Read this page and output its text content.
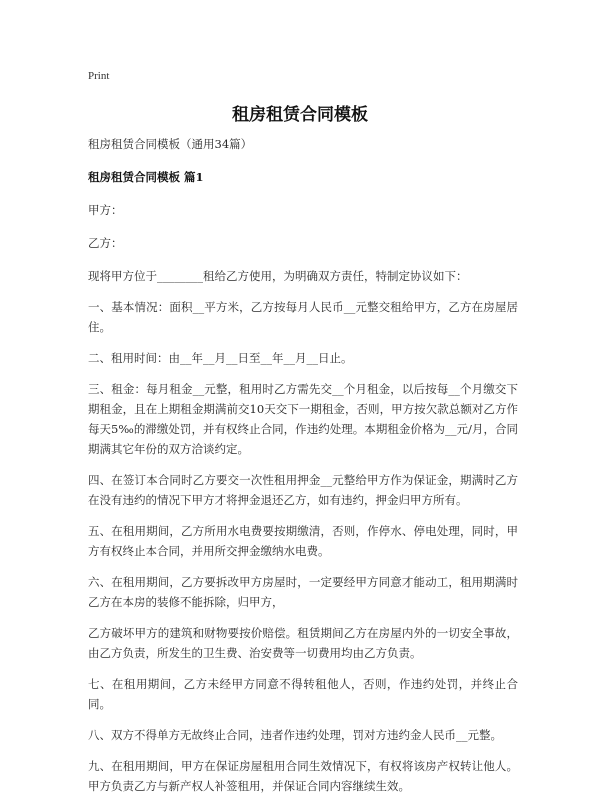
Print
租房租赁合同模板

租房租赁合同模板（通用34篇）

租房租赁合同模板 篇1

甲方：

乙方：

现将甲方位于________租给乙方使用，为明确双方责任，特制定协议如下：

一、基本情况：面积__平方米，乙方按每月人民币__元整交租给甲方，乙方在房屋居住。

二、租用时间：由__年__月__日至__年__月__日止。

三、租金：每月租金__元整，租用时乙方需先交__个月租金，以后按每__个月缴交下期租金，且在上期租金期满前交10天交下一期租金，否则，甲方按欠款总额对乙方作每天5‰的滞缴处罚，并有权终止合同，作违约处理。本期租金价格为__元/月，合同期满其它年份的双方洽谈约定。

四、在签订本合同时乙方要交一次性租用押金__元整给甲方作为保证金，期满时乙方在没有违约的情况下甲方才将押金退还乙方，如有违约，押金归甲方所有。

五、在租用期间，乙方所用水电费要按期缴清，否则，作停水、停电处理，同时，甲方有权终止本合同，并用所交押金缴纳水电费。

六、在租用期间，乙方要拆改甲方房屋时，一定要经甲方同意才能动工，租用期满时乙方在本房的装修不能拆除，归甲方，

乙方破坏甲方的建筑和财物要按价赔偿。租赁期间乙方在房屋内外的一切安全事故，由乙方负责，所发生的卫生费、治安费等一切费用均由乙方负责。

七、在租用期间，乙方未经甲方同意不得转租他人，否则，作违约处罚，并终止合同。

八、双方不得单方无故终止合同，违者作违约处理，罚对方违约金人民币__元整。

九、在租用期间，甲方在保证房屋租用合同生效情况下，有权将该房产权转让他人。甲方负责乙方与新产权人补签租用，并保证合同内容继续生效。
